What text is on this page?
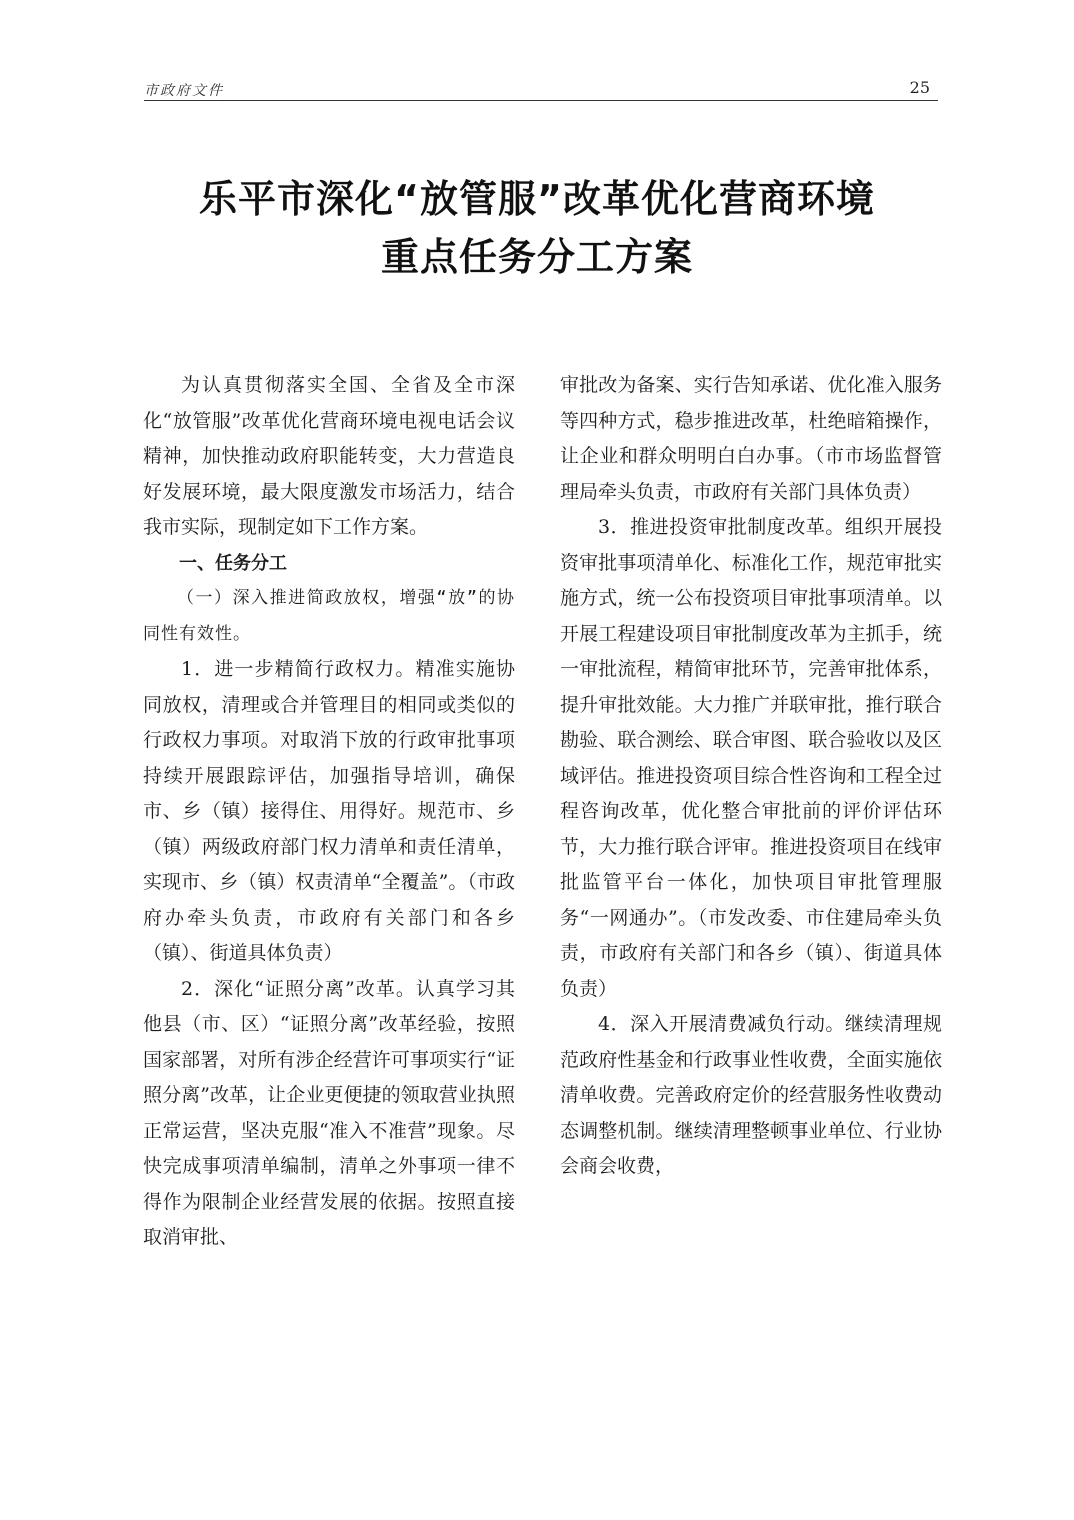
市政府文件	25
乐平市深化“放管服”改革优化营商环境
重点任务分工方案

为认真贯彻落实全国、全省及全市深化“放管服”改革优化营商环境电视电话会议精神，加快推动政府职能转变，大力营造良好发展环境，最大限度激发市场活力，结合我市实际，现制定如下工作方案。

一、任务分工

（一）深入推进简政放权，增强“放”的协同性有效性。

1．进一步精简行政权力。精准实施协同放权，清理或合并管理目的相同或类似的行政权力事项。对取消下放的行政审批事项持续开展跟踪评估，加强指导培训，确保市、乡（镇）接得住、用得好。规范市、乡（镇）两级政府部门权力清单和责任清单，实现市、乡（镇）权责清单“全覆盖”。（市政府办牵头负责，市政府有关部门和各乡（镇）、街道具体负责）

2．深化“证照分离”改革。认真学习其他县（市、区）“证照分离”改革经验，按照国家部署，对所有涉企经营许可事项实行“证照分离”改革，让企业更便捷的领取营业执照正常运营，坚决克服“准入不准营”现象。尽快完成事项清单编制，清单之外事项一律不得作为限制企业经营发展的依据。按照直接取消审批、

审批改为备案、实行告知承诺、优化准入服务等四种方式，稳步推进改革，杜绝暗箱操作，让企业和群众明明白白办事。（市市场监督管理局牵头负责，市政府有关部门具体负责）

3．推进投资审批制度改革。组织开展投资审批事项清单化、标准化工作，规范审批实施方式，统一公布投资项目审批事项清单。以开展工程建设项目审批制度改革为主抓手，统一审批流程，精简审批环节，完善审批体系，提升审批效能。大力推广并联审批，推行联合勘验、联合测绘、联合审图、联合验收以及区域评估。推进投资项目综合性咨询和工程全过程咨询改革，优化整合审批前的评价评估环节，大力推行联合评审。推进投资项目在线审批监管平台一体化，加快项目审批管理服务“一网通办”。（市发改委、市住建局牵头负责，市政府有关部门和各乡（镇）、街道具体负责）

4．深入开展清费减负行动。继续清理规范政府性基金和行政事业性收费，全面实施依清单收费。完善政府定价的经营服务性收费动态调整机制。继续清理整顿事业单位、行业协会商会收费，
